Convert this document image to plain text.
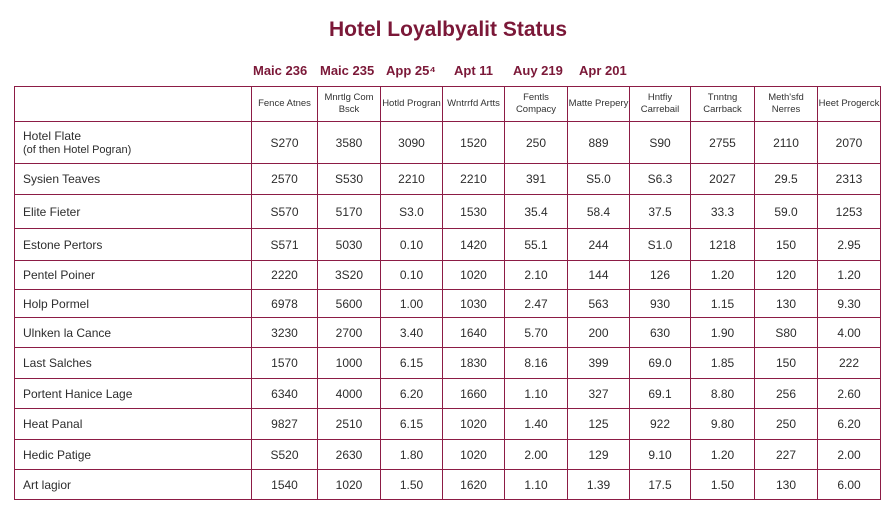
Hotel Loyalbyalit Status
Maic 236 Maic 235 App 25⁴ Apt 11 Auy 219 Apr 201
	Fence Atnes	Mnrtlg Com Bsck	Hotld Progran	Wntrrfd Artts	Fentls Compacy	Matte Prepery	Hntfiy Carrebail	Tnntng Carrback	Meth'sfd Nerres	Heet Progerck
Hotel Flate
(of then Hotel Pogran)	S270	3580	3090	1520	250	889	S90	2755	2110	2070
Sysien Teaves	2570	S530	2210	2210	391	S5.0	S6.3	2027	29.5	2313
Elite Fieter	S570	5170	S3.0	1530	35.4	58.4	37.5	33.3	59.0	1253
Estone Pertors	S571	5030	0.10	1420	55.1	244	S1.0	1218	150	2.95
Pentel Poiner	2220	3S20	0.10	1020	2.10	144	126	1.20	120	1.20
Holp Pormel	6978	5600	1.00	1030	2.47	563	930	1.15	130	9.30
Ulnken la Cance	3230	2700	3.40	1640	5.70	200	630	1.90	S80	4.00
Last Salches	1570	1000	6.15	1830	8.16	399	69.0	1.85	150	222
Portent Hanice Lage	6340	4000	6.20	1660	1.10	327	69.1	8.80	256	2.60
Heat Panal	9827	2510	6.15	1020	1.40	125	922	9.80	250	6.20
Hedic Patige	S520	2630	1.80	1020	2.00	129	9.10	1.20	227	2.00
Art lagior	1540	1020	1.50	1620	1.10	1.39	17.5	1.50	130	6.00
